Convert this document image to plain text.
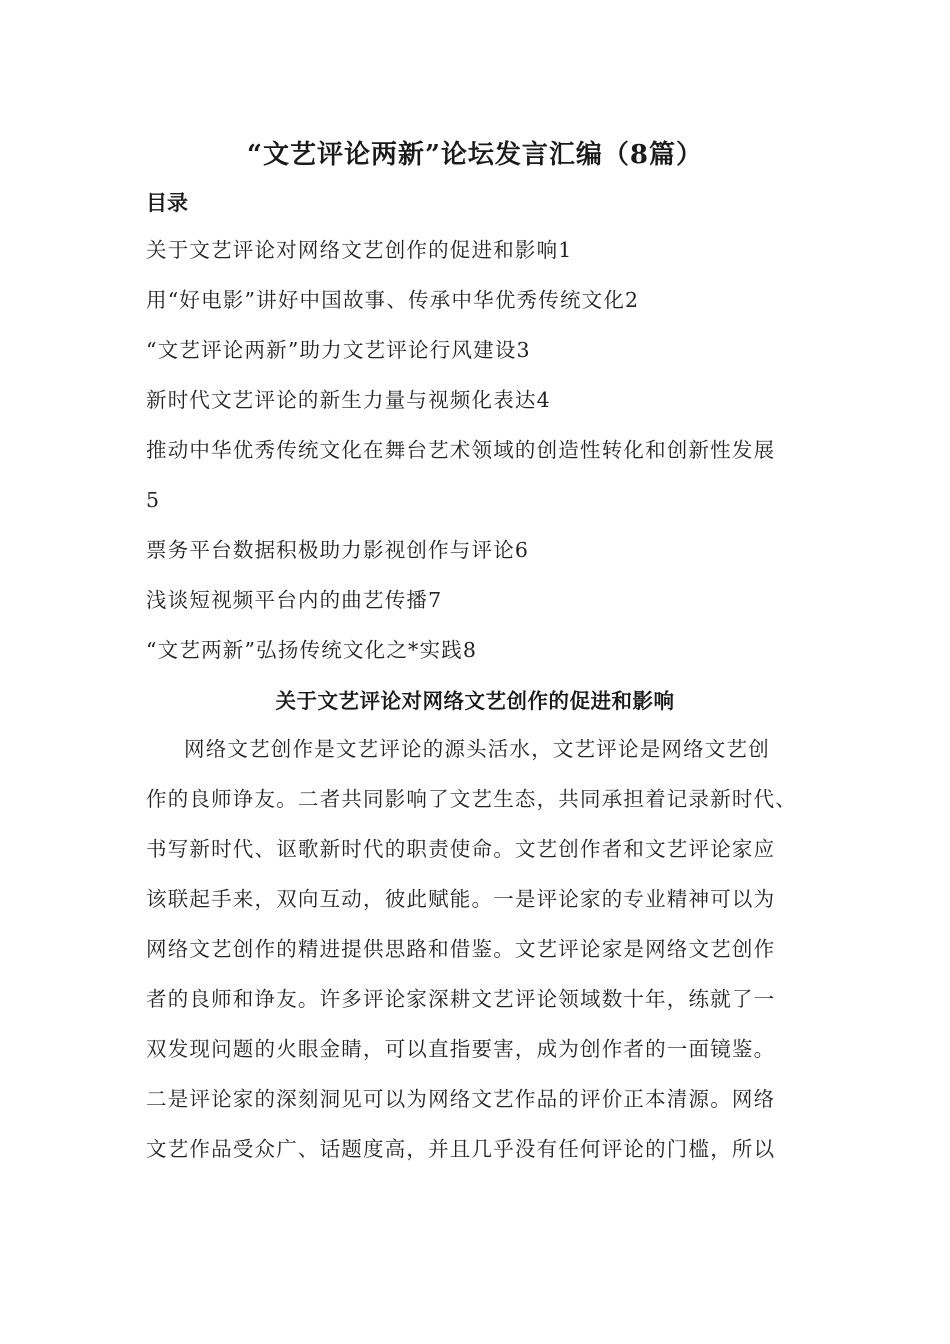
“文艺评论两新”论坛发言汇编（8篇）
目录
关于文艺评论对网络文艺创作的促进和影响1
用“好电影”讲好中国故事、传承中华优秀传统文化2
“文艺评论两新”助力文艺评论行风建设3
新时代文艺评论的新生力量与视频化表达4
推动中华优秀传统文化在舞台艺术领域的创造性转化和创新性发展
5
票务平台数据积极助力影视创作与评论6
浅谈短视频平台内的曲艺传播7
“文艺两新”弘扬传统文化之*实践8
关于文艺评论对网络文艺创作的促进和影响
网络文艺创作是文艺评论的源头活水，文艺评论是网络文艺创
作的良师诤友。二者共同影响了文艺生态，共同承担着记录新时代、
书写新时代、讴歌新时代的职责使命。文艺创作者和文艺评论家应
该联起手来，双向互动，彼此赋能。一是评论家的专业精神可以为
网络文艺创作的精进提供思路和借鉴。文艺评论家是网络文艺创作
者的良师和诤友。许多评论家深耕文艺评论领域数十年，练就了一
双发现问题的火眼金睛，可以直指要害，成为创作者的一面镜鉴。
二是评论家的深刻洞见可以为网络文艺作品的评价正本清源。网络
文艺作品受众广、话题度高，并且几乎没有任何评论的门槛，所以
